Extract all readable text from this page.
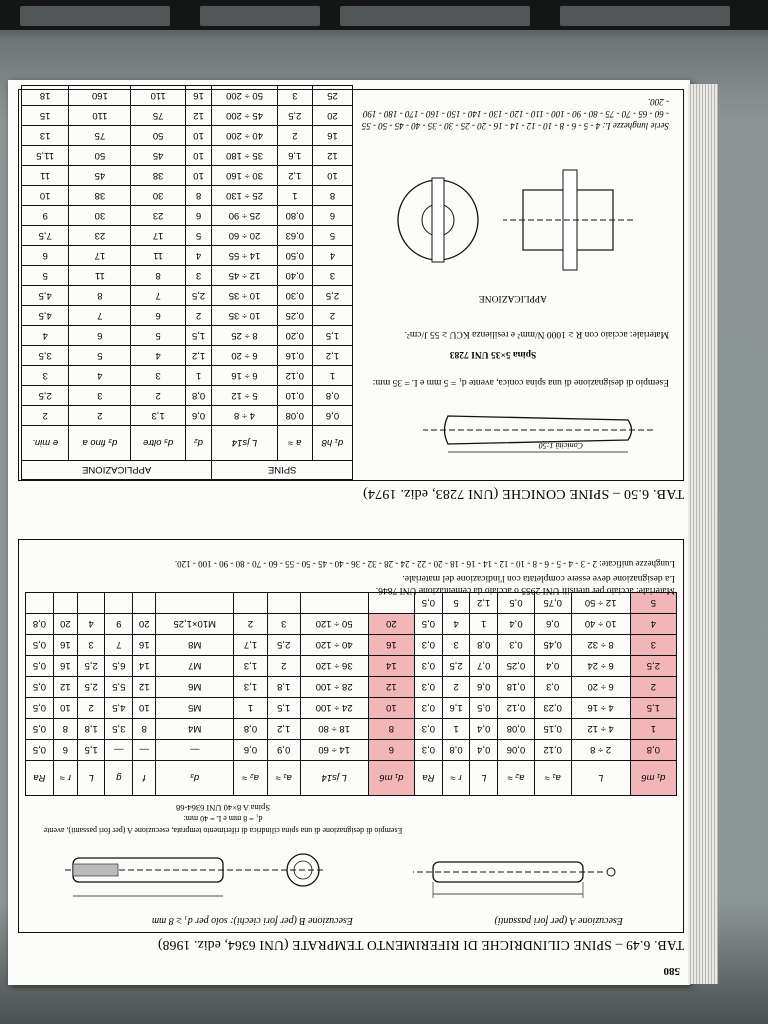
580
TAB. 6.49 – SPINE CILINDRICHE DI RIFERIMENTO TEMPRATE (UNI 6364, ediz. 1968)
Esecuzione A (per fori passanti)
Esecuzione B (per fori ciechi): solo per d₁ ≥ 8 mm
Esempio di designazione di una spina cilindrica di riferimento temprata, esecuzione A (per fori passanti), avente d₁ = 8 mm e L = 40 mm:
Spina A 8×40 UNI 6364-68
d₁ m6	L	a₁ ≈	a₂ ≈	L	r ≈	Ra	d₁ m6	L js14	a₁ ≈	a₂ ≈	d₃	f	g	L	r ≈	Ra
0,8	2 ÷ 8	0,12	0,06	0,4	0,8	0,3	6	14 ÷ 60	0,9	0,6	—	—	—	1,5	6	0,5
1	4 ÷ 12	0,15	0,08	0,4	1	0,3	8	18 ÷ 80	1,2	0,8	M4	8	3,5	1,8	8	0,5
1,5	4 ÷ 16	0,23	0,12	0,5	1,6	0,3	10	24 ÷ 100	1,5	1	M5	10	4,5	2	10	0,5
2	6 ÷ 20	0,3	0,18	0,6	2	0,3	12	28 ÷ 100	1,8	1,3	M6	12	5,5	2,5	12	0,5
2,5	6 ÷ 24	0,4	0,25	0,7	2,5	0,3	14	36 ÷ 120	2	1,3	M7	14	6,5	2,5	16	0,5
3	8 ÷ 32	0,45	0,3	0,8	3	0,3	16	40 ÷ 120	2,5	1,7	M8	16	7	3	16	0,5
4	10 ÷ 40	0,6	0,4	1	4	0,5	20	50 ÷ 120	3	2	M10×1,25	20	9	4	20	0,8
5	12 ÷ 50	0,75	0,5	1,2	5	0,5										
Materiale: acciaio per utensili UNI 2955 o acciaio da cementazione UNI 7846.
La designazione deve essere completata con l'indicazione del materiale.
Lunghezze unificate: 2 - 3 - 4 - 5 - 6 - 8 - 10 - 12 - 14 - 16 - 18 - 20 - 22 - 24 - 28 - 32 - 36 - 40 - 45 - 50 - 55 - 60 - 70 - 80 - 90 - 100 - 120.
TAB. 6.50 – SPINE CONICHE (UNI 7283, ediz. 1974)
Conicità 1:50
Esempio di designazione di una spina conica, avente d₁ = 5 mm e L = 35 mm:
Spina 5×35 UNI 7283
Materiale: acciaio con R ≥ 1000 N/mm² e resilienza KCU ≥ 55 J/cm².
APPLICAZIONE
Serie lunghezze L: 4 - 5 - 6 - 8 - 10 - 12 - 14 - 16 - 20 - 25 - 30 - 35 - 40 - 45 - 50 - 55 - 60 - 65 - 70 - 75 - 80 - 90 - 100 - 110 - 120 - 130 - 140 - 150 - 160 - 170 - 180 - 190 - 200.
SPINE			APPLICAZIONE			
d₁ h8	a ≈	L js14	d₂	d₃ oltre	d₃ fino a	e min.
0,6	0,08	4 ÷ 8	0,6	1,3	2	2
0,8	0,10	5 ÷ 12	0,8	2	3	2,5
1	0,12	6 ÷ 16	1	3	4	3
1,2	0,16	6 ÷ 20	1,2	4	5	3,5
1,5	0,20	8 ÷ 25	1,5	5	6	4
2	0,25	10 ÷ 35	2	6	7	4,5
2,5	0,30	10 ÷ 35	2,5	7	8	4,5
3	0,40	12 ÷ 45	3	8	11	5
4	0,50	14 ÷ 55	4	11	17	6
5	0,63	20 ÷ 60	5	17	23	7,5
6	0,80	25 ÷ 90	6	23	30	9
8	1	25 ÷ 130	8	30	38	10
10	1,2	30 ÷ 160	10	38	45	11
12	1,6	35 ÷ 180	10	45	50	11,5
16	2	40 ÷ 200	10	50	75	13
20	2,5	45 ÷ 200	12	75	110	15
25	3	50 ÷ 200	16	110	160	18
